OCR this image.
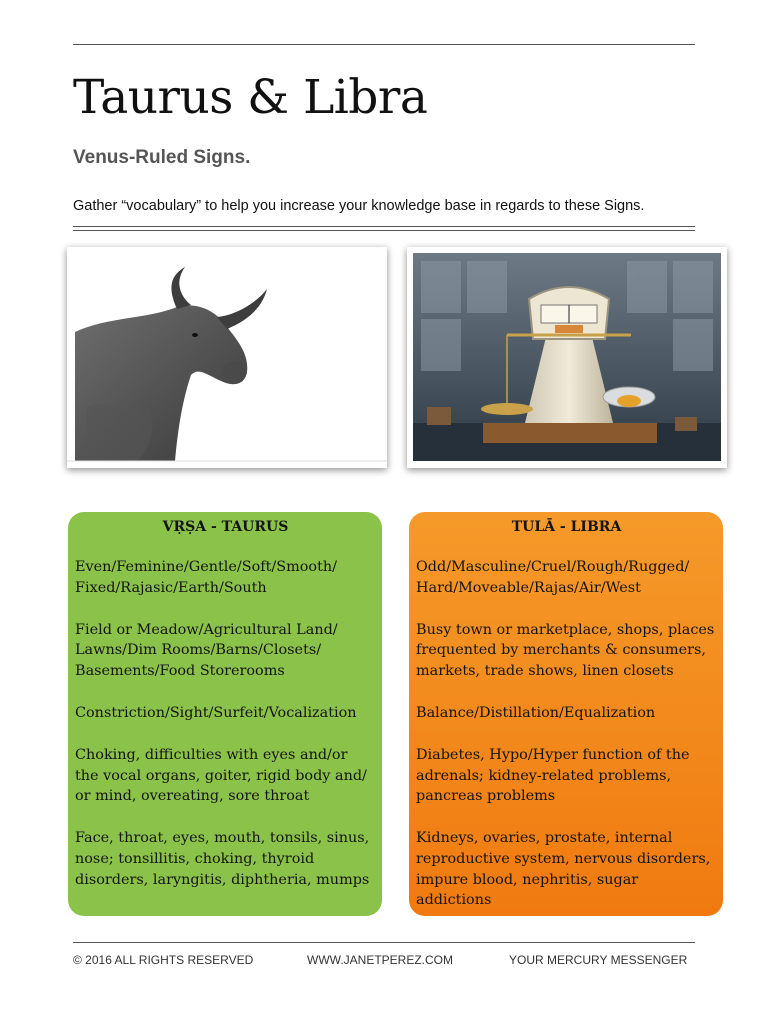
Taurus & Libra
Venus-Ruled Signs.

Gather “vocabulary” to help you increase your knowledge base in regards to these Signs.

VṚṢA - TAURUS

Even/Feminine/Gentle/Soft/Smooth/
Fixed/Rajasic/Earth/South

Field or Meadow/Agricultural Land/
Lawns/Dim Rooms/Barns/Closets/
Basements/Food Storerooms

Constriction/Sight/Surfeit/Vocalization

Choking, difficulties with eyes and/or
the vocal organs, goiter, rigid body and/
or mind, overeating, sore throat

Face, throat, eyes, mouth, tonsils, sinus,
nose; tonsillitis, choking, thyroid
disorders, laryngitis, diphtheria, mumps

TULĀ - LIBRA

Odd/Masculine/Cruel/Rough/Rugged/
Hard/Moveable/Rajas/Air/West

Busy town or marketplace, shops, places
frequented by merchants & consumers,
markets, trade shows, linen closets

Balance/Distillation/Equalization

Diabetes, Hypo/Hyper function of the
adrenals; kidney-related problems,
pancreas problems

Kidneys, ovaries, prostate, internal
reproductive system, nervous disorders,
impure blood, nephritis, sugar addictions

© 2016 ALL RIGHTS RESERVED	WWW.JANETPEREZ.COM	YOUR MERCURY MESSENGER
